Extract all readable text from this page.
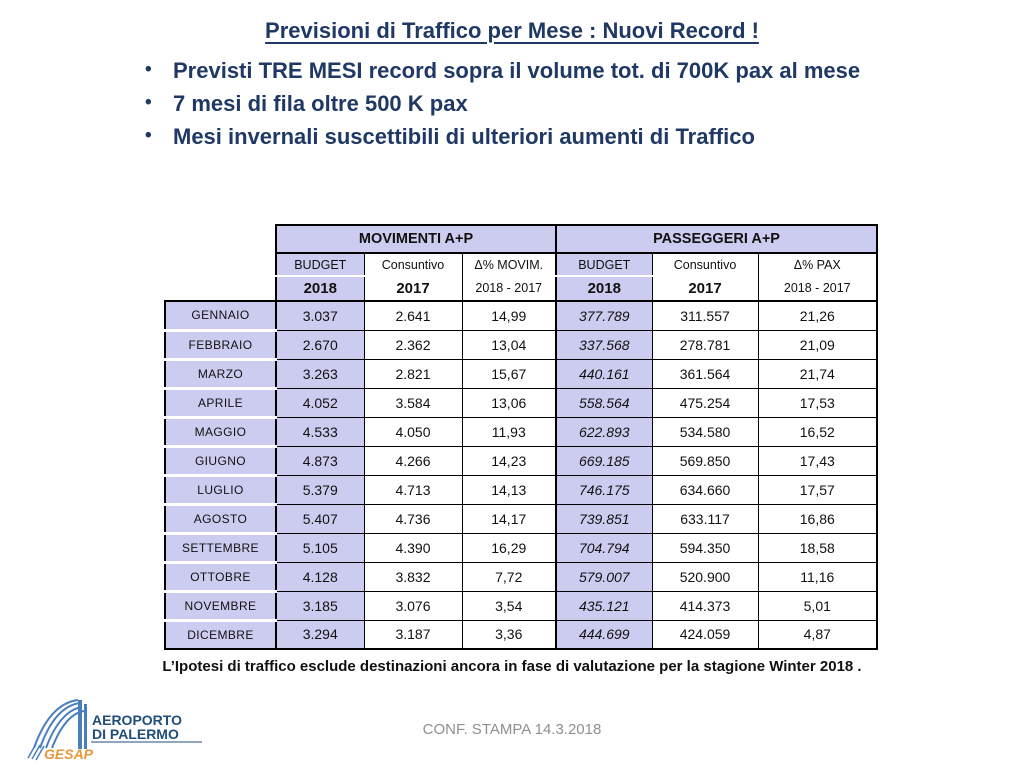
Previsioni di Traffico per Mese : Nuovi Record !
• Previsti TRE MESI record sopra il volume tot. di 700K pax al mese
• 7 mesi di fila oltre 500 K pax
• Mesi invernali suscettibili di ulteriori aumenti di Traffico
	MOVIMENTI A+P			PASSEGGERI A+P		
	BUDGET	Consuntivo	Δ% MOVIM.	BUDGET	Consuntivo	Δ% PAX
	2018	2017	2018 - 2017	2018	2017	2018 - 2017
GENNAIO	3.037	2.641	14,99	377.789	311.557	21,26
FEBBRAIO	2.670	2.362	13,04	337.568	278.781	21,09
MARZO	3.263	2.821	15,67	440.161	361.564	21,74
APRILE	4.052	3.584	13,06	558.564	475.254	17,53
MAGGIO	4.533	4.050	11,93	622.893	534.580	16,52
GIUGNO	4.873	4.266	14,23	669.185	569.850	17,43
LUGLIO	5.379	4.713	14,13	746.175	634.660	17,57
AGOSTO	5.407	4.736	14,17	739.851	633.117	16,86
SETTEMBRE	5.105	4.390	16,29	704.794	594.350	18,58
OTTOBRE	4.128	3.832	7,72	579.007	520.900	11,16
NOVEMBRE	3.185	3.076	3,54	435.121	414.373	5,01
DICEMBRE	3.294	3.187	3,36	444.699	424.059	4,87
L’Ipotesi di traffico esclude destinazioni ancora in fase di valutazione per la stagione Winter 2018 .
AEROPORTO
DI PALERMO
GESAP
CONF. STAMPA 14.3.2018
